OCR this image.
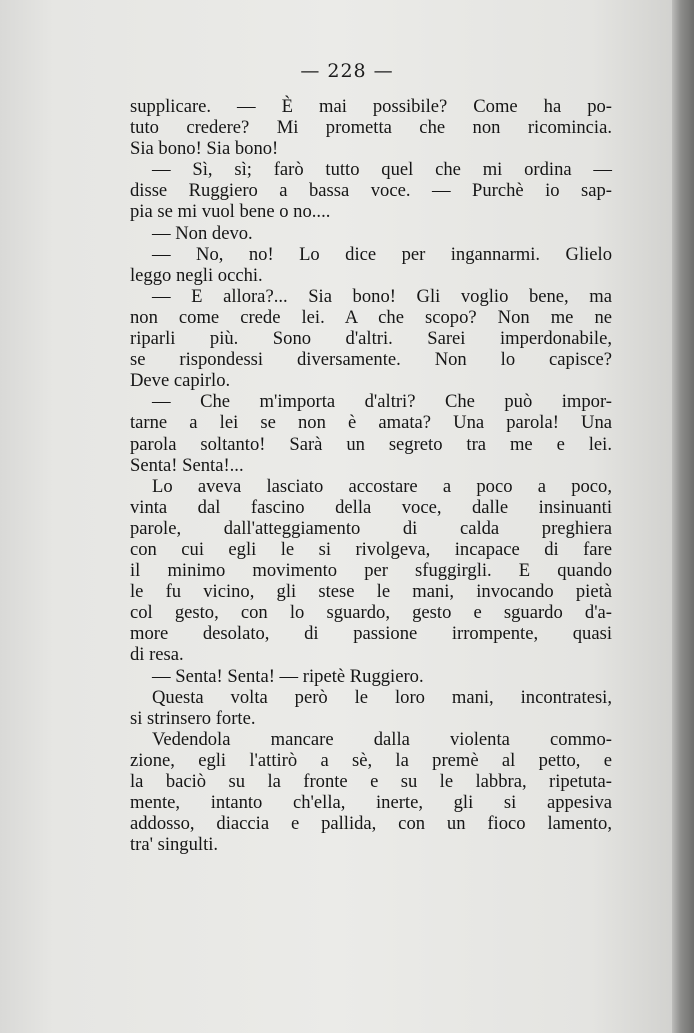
— 228 —
supplicare. — È mai possibile? Come ha po-
tuto credere? Mi prometta che non ricomincia.
Sia bono! Sia bono!
— Sì, sì; farò tutto quel che mi ordina —
disse Ruggiero a bassa voce. — Purchè io sap-
pia se mi vuol bene o no....
— Non devo.
— No, no! Lo dice per ingannarmi. Glielo
leggo negli occhi.
— E allora?... Sia bono! Gli voglio bene, ma
non come crede lei. A che scopo? Non me ne
riparli più. Sono d'altri. Sarei imperdonabile,
se rispondessi diversamente. Non lo capisce?
Deve capirlo.
— Che m'importa d'altri? Che può impor-
tarne a lei se non è amata? Una parola! Una
parola soltanto! Sarà un segreto tra me e lei.
Senta! Senta!...
Lo aveva lasciato accostare a poco a poco,
vinta dal fascino della voce, dalle insinuanti
parole, dall'atteggiamento di calda preghiera
con cui egli le si rivolgeva, incapace di fare
il minimo movimento per sfuggirgli. E quando
le fu vicino, gli stese le mani, invocando pietà
col gesto, con lo sguardo, gesto e sguardo d'a-
more desolato, di passione irrompente, quasi
di resa.
— Senta! Senta! — ripetè Ruggiero.
Questa volta però le loro mani, incontratesi,
si strinsero forte.
Vedendola mancare dalla violenta commo-
zione, egli l'attirò a sè, la premè al petto, e
la baciò su la fronte e su le labbra, ripetuta-
mente, intanto ch'ella, inerte, gli si appesiva
addosso, diaccia e pallida, con un fioco lamento,
tra' singulti.
